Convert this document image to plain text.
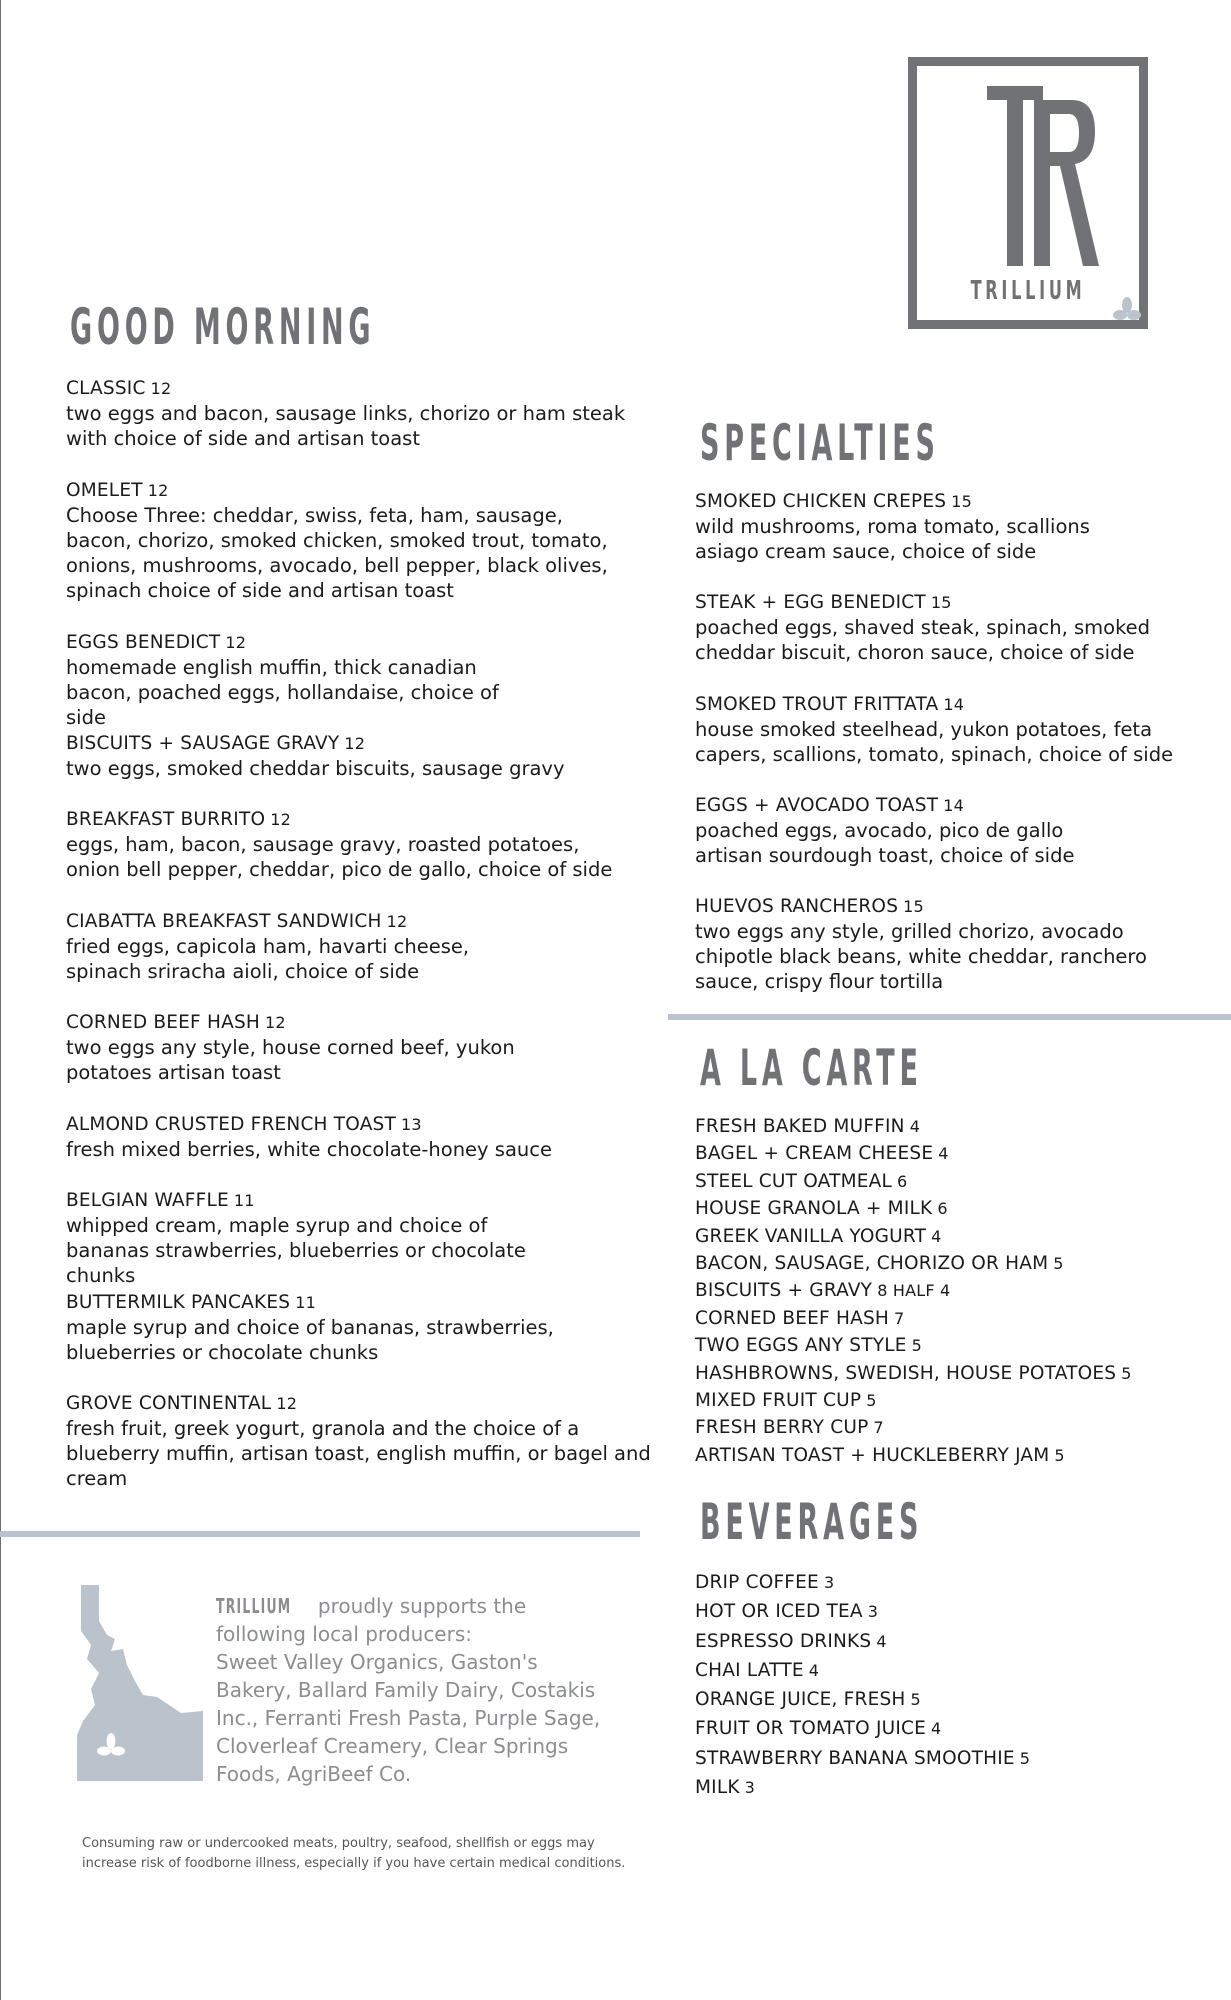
TRILLIUM
GOOD MORNING
SPECIALTIES
A LA CARTE
BEVERAGES
CLASSIC 12
two eggs and bacon, sausage links, chorizo or ham steak with choice of side and artisan toast
OMELET 12
Choose Three: cheddar, swiss, feta, ham, sausage, bacon, chorizo, smoked chicken, smoked trout, tomato, onions, mushrooms, avocado, bell pepper, black olives, spinach choice of side and artisan toast
EGGS BENEDICT 12
homemade english muffin, thick canadian bacon, poached eggs, hollandaise, choice of side
BISCUITS + SAUSAGE GRAVY 12
two eggs, smoked cheddar biscuits, sausage gravy
BREAKFAST BURRITO 12
eggs, ham, bacon, sausage gravy, roasted potatoes, onion bell pepper, cheddar, pico de gallo, choice of side
CIABATTA BREAKFAST SANDWICH 12
fried eggs, capicola ham, havarti cheese, spinach sriracha aioli, choice of side
CORNED BEEF HASH 12
two eggs any style, house corned beef, yukon potatoes artisan toast
ALMOND CRUSTED FRENCH TOAST 13
fresh mixed berries, white chocolate-honey sauce
BELGIAN WAFFLE 11
whipped cream, maple syrup and choice of bananas strawberries, blueberries or chocolate chunks
BUTTERMILK PANCAKES 11
maple syrup and choice of bananas, strawberries, blueberries or chocolate chunks
GROVE CONTINENTAL 12
fresh fruit, greek yogurt, granola and the choice of a blueberry muffin, artisan toast, english muffin, or bagel and cream
SMOKED CHICKEN CREPES 15
wild mushrooms, roma tomato, scallions asiago cream sauce, choice of side
STEAK + EGG BENEDICT 15
poached eggs, shaved steak, spinach, smoked cheddar biscuit, choron sauce, choice of side
SMOKED TROUT FRITTATA 14
house smoked steelhead, yukon potatoes, feta capers, scallions, tomato, spinach, choice of side
EGGS + AVOCADO TOAST 14
poached eggs, avocado, pico de gallo artisan sourdough toast, choice of side
HUEVOS RANCHEROS 15
two eggs any style, grilled chorizo, avocado chipotle black beans, white cheddar, ranchero sauce, crispy flour tortilla
FRESH BAKED MUFFIN 4
BAGEL + CREAM CHEESE 4
STEEL CUT OATMEAL 6
HOUSE GRANOLA + MILK 6
GREEK VANILLA YOGURT 4
BACON, SAUSAGE, CHORIZO OR HAM 5
BISCUITS + GRAVY 8 HALF 4
CORNED BEEF HASH 7
TWO EGGS ANY STYLE 5
HASHBROWNS, SWEDISH, HOUSE POTATOES 5
MIXED FRUIT CUP 5
FRESH BERRY CUP 7
ARTISAN TOAST + HUCKLEBERRY JAM 5
DRIP COFFEE 3
HOT OR ICED TEA 3
ESPRESSO DRINKS 4
CHAI LATTE 4
ORANGE JUICE, FRESH 5
FRUIT OR TOMATO JUICE 4
STRAWBERRY BANANA SMOOTHIE 5
MILK 3
TRILLIUM proudly supports the following local producers:
Sweet Valley Organics, Gaston's Bakery, Ballard Family Dairy, Costakis Inc., Ferranti Fresh Pasta, Purple Sage, Cloverleaf Creamery, Clear Springs Foods, AgriBeef Co.
Consuming raw or undercooked meats, poultry, seafood, shellfish or eggs may increase risk of foodborne illness, especially if you have certain medical conditions.
